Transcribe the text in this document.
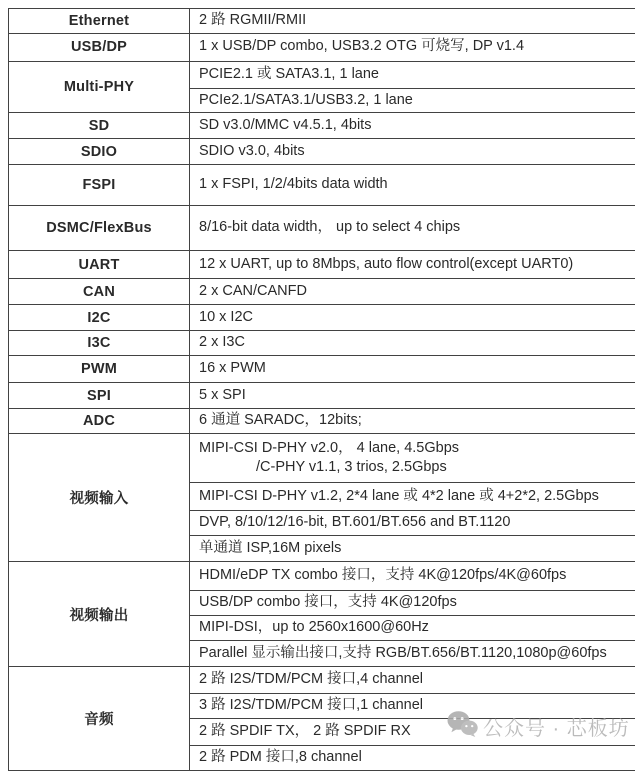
Ethernet	2 路 RGMII/RMII
USB/DP	1 x USB/DP combo, USB3.2 OTG 可烧写, DP v1.4
Multi-PHY	PCIE2.1 或 SATA3.1, 1 lane
	PCIe2.1/SATA3.1/USB3.2, 1 lane
SD	SD v3.0/MMC v4.5.1, 4bits
SDIO	SDIO v3.0, 4bits
FSPI	1 x FSPI, 1/2/4bits data width
DSMC/FlexBus	8/16-bit data width， up to select 4 chips
UART	12 x UART, up to 8Mbps, auto flow control(except UART0)
CAN	2 x CAN/CANFD
I2C	10 x I2C
I3C	2 x I3C
PWM	16 x PWM
SPI	5 x SPI
ADC	6 通道 SARADC，12bits;
视频输入	MIPI-CSI D-PHY v2.0， 4 lane, 4.5Gbps
/C-PHY v1.1, 3 trios, 2.5Gbps

	MIPI-CSI D-PHY v1.2, 2*4 lane 或 4*2 lane 或 4+2*2, 2.5Gbps
	DVP, 8/10/12/16-bit, BT.601/BT.656 and BT.1120
	单通道 ISP,16M pixels
视频输出	HDMI/eDP TX combo 接口，支持 4K@120fps/4K@60fps
	USB/DP combo 接口，支持 4K@120fps
	MIPI-DSI，up to 2560x1600@60Hz
	Parallel 显示输出接口,支持 RGB/BT.656/BT.1120,1080p@60fps
音频	2 路 I2S/TDM/PCM 接口,4 channel
	3 路 I2S/TDM/PCM 接口,1 channel
	2 路 SPDIF TX， 2 路 SPDIF RX
	2 路 PDM 接口,8 channel
公众号 · 芯板坊
